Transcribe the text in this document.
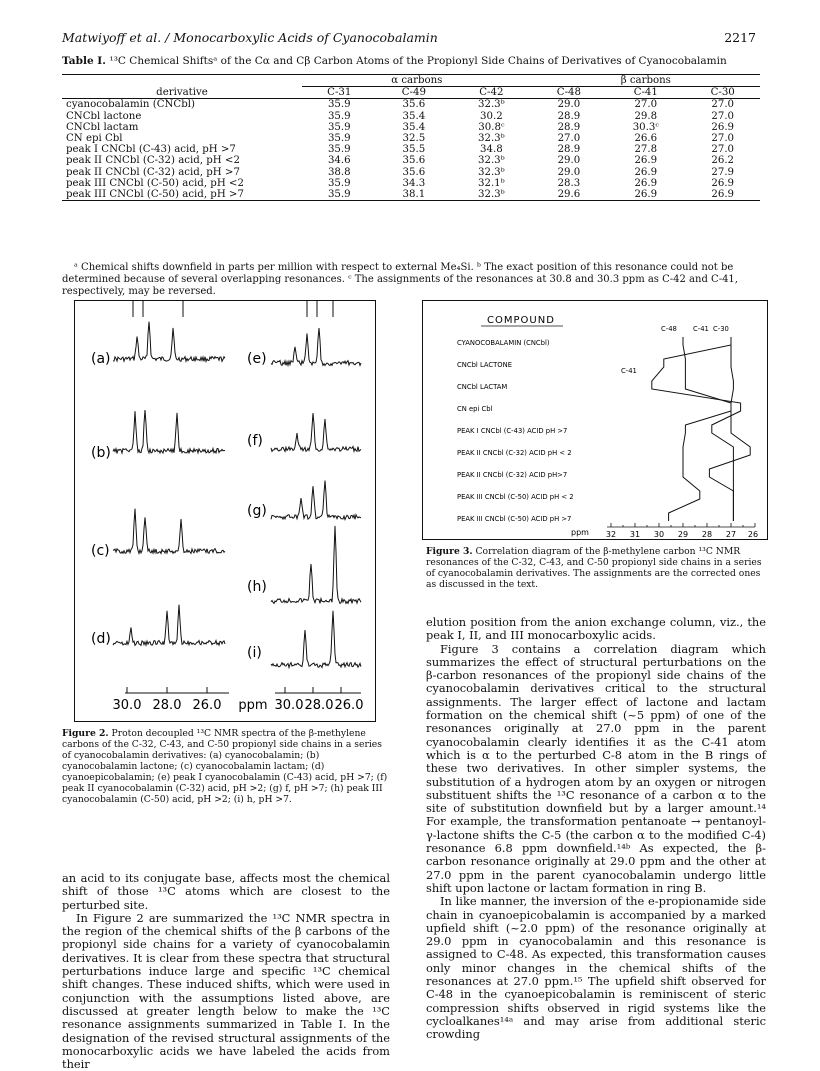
Matwiyoff et al. / Monocarboxylic Acids of Cyanocobalamin	2217
Table I. ¹³C Chemical Shiftsᵃ of the Cα and Cβ Carbon Atoms of the Propionyl Side Chains of Derivatives of Cyanocobalamin

	α carbons			β carbons		
derivative	C-31	C-49	C-42	C-48	C-41	C-30
cyanocobalamin (CNCbl)	35.9	35.6	32.3ᵇ	29.0	27.0	27.0
CNCbl lactone	35.9	35.4	30.2	28.9	29.8	27.0
CNCbl lactam	35.9	35.4	30.8ᶜ	28.9	30.3ᶜ	26.9
CN epi Cbl	35.9	32.5	32.3ᵇ	27.0	26.6	27.0
peak I CNCbl (C-43) acid, pH >7	35.9	35.5	34.8	28.9	27.8	27.0
peak II CNCbl (C-32) acid, pH <2	34.6	35.6	32.3ᵇ	29.0	26.9	26.2
peak II CNCbl (C-32) acid, pH >7	38.8	35.6	32.3ᵇ	29.0	26.9	27.9
peak III CNCbl (C-50) acid, pH <2	35.9	34.3	32.1ᵇ	28.3	26.9	26.9
peak III CNCbl (C-50) acid, pH >7	35.9	38.1	32.3ᵇ	29.6	26.9	26.9
ᵃ Chemical shifts downfield in parts per million with respect to external Me₄Si. ᵇ The exact position of this resonance could not be determined because of several overlapping resonances. ᶜ The assignments of the resonances at 30.8 and 30.3 ppm as C-42 and C-41, respectively, may be reversed.
(a)
(b)
(c)
(d)
(e)
(f)
(g)
(h)
(i)
30.0 28.0 26.0 ppm 30.0 28.0 26.0
Figure 2. Proton decoupled ¹³C NMR spectra of the β-methylene carbons of the C-32, C-43, and C-50 propionyl side chains in a series of cyanocobalamin derivatives: (a) cyanocobalamin; (b) cyanocobalamin lactone; (c) cyanocobalamin lactam; (d) cyanoepicobalamin; (e) peak I cyanocobalamin (C-43) acid, pH >7; (f) peak II cyanocobalamin (C-32) acid, pH >2; (g) f, pH >7; (h) peak III cyanocobalamin (C-50) acid, pH >2; (i) h, pH >7.
COMPOUND
CYANOCOBALAMIN (CNCbl)
CNCbl LACTONE
CNCbl LACTAM
CN epi Cbl
PEAK I CNCbl (C-43) ACID pH >7
PEAK II CNCbl (C-32) ACID pH < 2
PEAK II CNCbl (C-32) ACID pH>7
PEAK III CNCbl (C-50) ACID pH < 2
PEAK III CNCbl (C-50) ACID pH >7
C-48 C-41 C-30
C-41
ppm 32 31 30 29 28 27 26
Figure 3. Correlation diagram of the β-methylene carbon ¹³C NMR resonances of the C-32, C-43, and C-50 propionyl side chains in a series of cyanocobalamin derivatives. The assignments are the corrected ones as discussed in the text.

an acid to its conjugate base, affects most the chemical shift of those ¹³C atoms which are closest to the perturbed site.

In Figure 2 are summarized the ¹³C NMR spectra in the region of the chemical shifts of the β carbons of the propionyl side chains for a variety of cyanocobalamin derivatives. It is clear from these spectra that structural perturbations induce large and specific ¹³C chemical shift changes. These induced shifts, which were used in conjunction with the assumptions listed above, are discussed at greater length below to make the ¹³C resonance assignments summarized in Table I. In the designation of the revised structural assignments of the monocarboxylic acids we have labeled the acids from their

elution position from the anion exchange column, viz., the peak I, II, and III monocarboxylic acids.

Figure 3 contains a correlation diagram which summarizes the effect of structural perturbations on the β-carbon resonances of the propionyl side chains of the cyanocobalamin derivatives critical to the structural assignments. The larger effect of lactone and lactam formation on the chemical shift (~5 ppm) of one of the resonances originally at 27.0 ppm in the parent cyanocobalamin clearly identifies it as the C-41 atom which is α to the perturbed C-8 atom in the B rings of these two derivatives. In other simpler systems, the substitution of a hydrogen atom by an oxygen or nitrogen substituent shifts the ¹³C resonance of a carbon α to the site of substitution downfield but by a larger amount.¹⁴ For example, the transformation pentanoate → pentanoyl-γ-lactone shifts the C-5 (the carbon α to the modified C-4) resonance 6.8 ppm downfield.¹⁴ᵇ As expected, the β-carbon resonance originally at 29.0 ppm and the other at 27.0 ppm in the parent cyanocobalamin undergo little shift upon lactone or lactam formation in ring B.

In like manner, the inversion of the e-propionamide side chain in cyanoepicobalamin is accompanied by a marked upfield shift (~2.0 ppm) of the resonance originally at 29.0 ppm in cyanocobalamin and this resonance is assigned to C-48. As expected, this transformation causes only minor changes in the chemical shifts of the resonances at 27.0 ppm.¹⁵ The upfield shift observed for C-48 in the cyanoepicobalamin is reminiscent of steric compression shifts observed in rigid systems like the cycloalkanes¹⁴ᵃ and may arise from additional steric crowding
